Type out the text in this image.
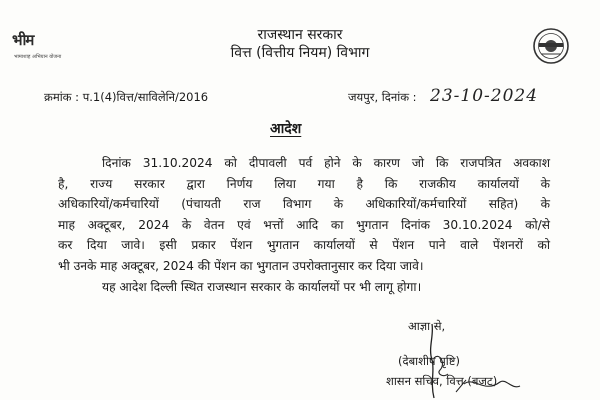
भीम
भामाशाह अभियान योजना
राजस्थान सरकार
वित्त (वित्तीय नियम) विभाग
क्रमांक : प.1(4)वित्त/साविलेनि/2016	जयपुर, दिनांक : 23-10-2024
आदेश
दिनांक 31.10.2024 को दीपावली पर्व होने के कारण जो कि राजपत्रित अवकाश
है, राज्य सरकार द्वारा निर्णय लिया गया है कि राजकीय कार्यालयों के
अधिकारियों/कर्मचारियों (पंचायती राज विभाग के अधिकारियों/कर्मचारियों सहित) के
माह अक्टूबर, 2024 के वेतन एवं भत्तों आदि का भुगतान दिनांक 30.10.2024 को/से
कर दिया जावे। इसी प्रकार पेंशन भुगतान कार्यालयों से पेंशन पाने वाले पेंशनरों को
भी उनके माह अक्टूबर, 2024 की पेंशन का भुगतान उपरोक्तानुसार कर दिया जावे।
यह आदेश दिल्ली स्थित राजस्थान सरकार के कार्यालयों पर भी लागू होगा।
आज्ञा से,
(देबाशीष पृष्टि)
शासन सचिव, वित्त (बजट)
